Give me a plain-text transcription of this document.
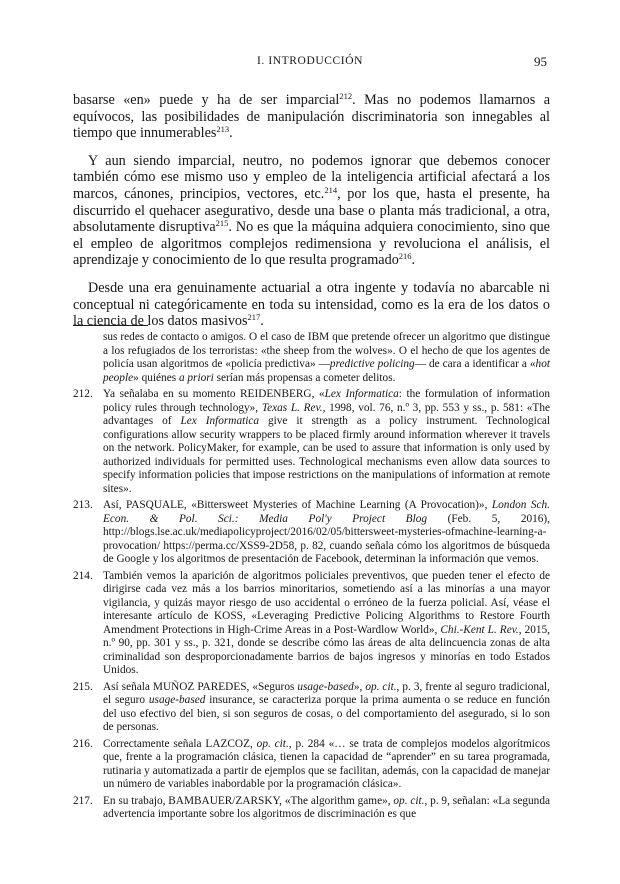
I. INTRODUCCIÓN	95

basarse «en» puede y ha de ser imparcial$^{212}$. Mas no podemos llamarnos a equívocos, las posibilidades de manipulación discriminatoria son innegables al tiempo que innumerables$^{213}$.

Y aun siendo imparcial, neutro, no podemos ignorar que debemos conocer también cómo ese mismo uso y empleo de la inteligencia artificial afectará a los marcos, cánones, principios, vectores, etc.$^{214}$, por los que, hasta el presente, ha discurrido el quehacer asegurativo, desde una base o planta más tradicional, a otra, absolutamente disruptiva$^{215}$. No es que la máquina adquiera conocimiento, sino que el empleo de algoritmos complejos redimensiona y revoluciona el análisis, el aprendizaje y conocimiento de lo que resulta programado$^{216}$.

Desde una era genuinamente actuarial a otra ingente y todavía no abarcable ni conceptual ni categóricamente en toda su intensidad, como es la era de los datos o la ciencia de los datos masivos$^{217}$.

sus redes de contacto o amigos. O el caso de IBM que pretende ofrecer un algoritmo que distingue a los refugiados de los terroristas: «the sheep from the wolves». O el hecho de que los agentes de policía usan algoritmos de «policía predictiva» —predictive policing— de cara a identificar a «hot people» quiénes a priori serían más propensas a cometer delitos.
212. Ya señalaba en su momento REIDENBERG, «Lex Informatica: the formulation of information policy rules through technology», Texas L. Rev., 1998, vol. 76, n.º 3, pp. 553 y ss., p. 581: «The advantages of Lex Informatica give it strength as a policy instrument. Technological configurations allow security wrappers to be placed firmly around information wherever it travels on the network. PolicyMaker, for example, can be used to assure that information is only used by authorized individuals for permitted uses. Technological mechanisms even allow data sources to specify information policies that impose restrictions on the manipulations of information at remote sites».
213. Así, PASQUALE, «Bittersweet Mysteries of Machine Learning (A Provocation)», London Sch. Econ. & Pol. Sci.: Media Pol'y Project Blog (Feb. 5, 2016), http://blogs.lse.ac.uk/mediapolicyproject/2016/02/05/bittersweet-mysteries-ofmachine-learning-a-provocation/ https://perma.cc/XSS9-2D58, p. 82, cuando señala cómo los algoritmos de búsqueda de Google y los algoritmos de presentación de Facebook, determinan la información que vemos.
214. También vemos la aparición de algoritmos policiales preventivos, que pueden tener el efecto de dirigirse cada vez más a los barrios minoritarios, sometiendo así a las minorías a una mayor vigilancia, y quizás mayor riesgo de uso accidental o erróneo de la fuerza policial. Así, véase el interesante artículo de KOSS, «Leveraging Predictive Policing Algorithms to Restore Fourth Amendment Protections in High-Crime Areas in a Post-Wardlow World», Chi.-Kent L. Rev., 2015, n.º 90, pp. 301 y ss., p. 321, donde se describe cómo las áreas de alta delincuencia zonas de alta criminalidad son desproporcionadamente barrios de bajos ingresos y minorías en todo Estados Unidos.
215. Así señala MUÑOZ PAREDES, «Seguros usage-based», op. cit., p. 3, frente al seguro tradicional, el seguro usage-based insurance, se caracteriza porque la prima aumenta o se reduce en función del uso efectivo del bien, si son seguros de cosas, o del comportamiento del asegurado, si lo son de personas.
216. Correctamente señala LAZCOZ, op. cit., p. 284 «… se trata de complejos modelos algorítmicos que, frente a la programación clásica, tienen la capacidad de “aprender” en su tarea programada, rutinaria y automatizada a partir de ejemplos que se facilitan, además, con la capacidad de manejar un número de variables inabordable por la programación clásica».
217. En su trabajo, BAMBAUER/ZARSKY, «The algorithm game», op. cit., p. 9, señalan: «La segunda advertencia importante sobre los algoritmos de discriminación es que
